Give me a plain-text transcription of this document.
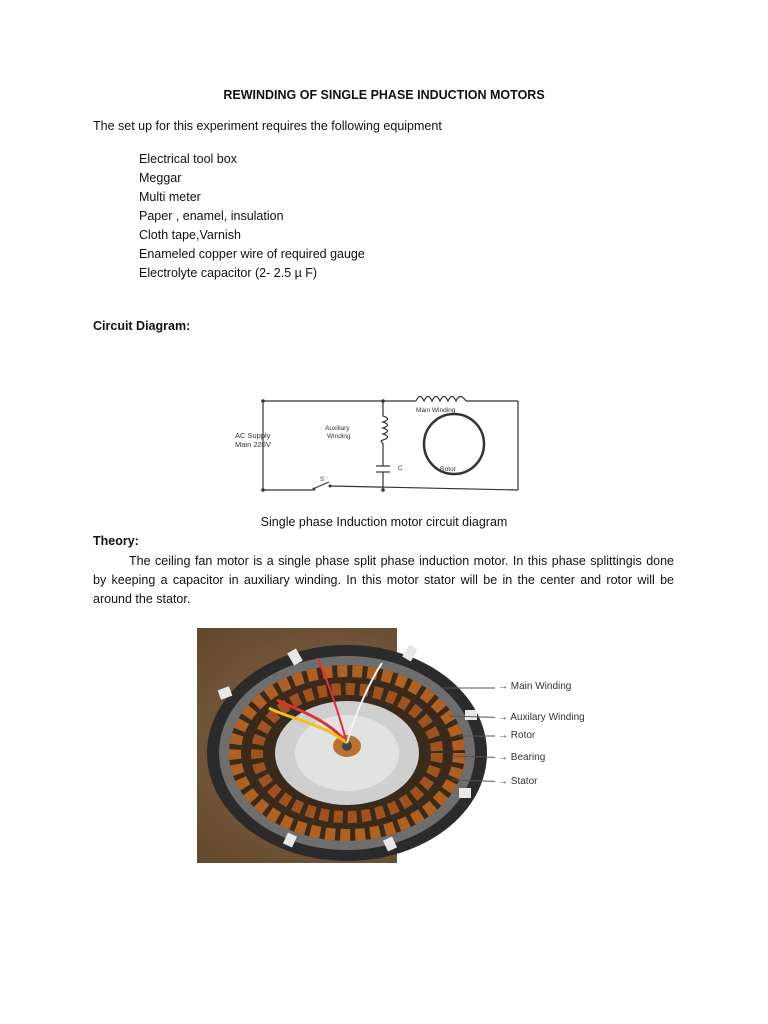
REWINDING OF SINGLE PHASE INDUCTION MOTORS
The set up for this experiment requires the following equipment
Electrical tool box
Meggar
Multi meter
Paper , enamel, insulation
Cloth tape,Varnish
Enameled copper wire of required gauge
Electrolyte capacitor (2- 2.5 µ F)
Circuit Diagram:
AC Supply
Main 220V
Auxiliary
Winding
Main Winding
Rotor
C
S
Single phase Induction motor circuit diagram
Theory:
The ceiling fan motor is a single phase split phase induction motor. In this phase splittingis done by keeping a capacitor in auxiliary winding. In this motor stator will be in the center and rotor will be around the stator.
→ Main Winding
→ Auxilary Winding
→ Rotor
→ Bearing
→ Stator
